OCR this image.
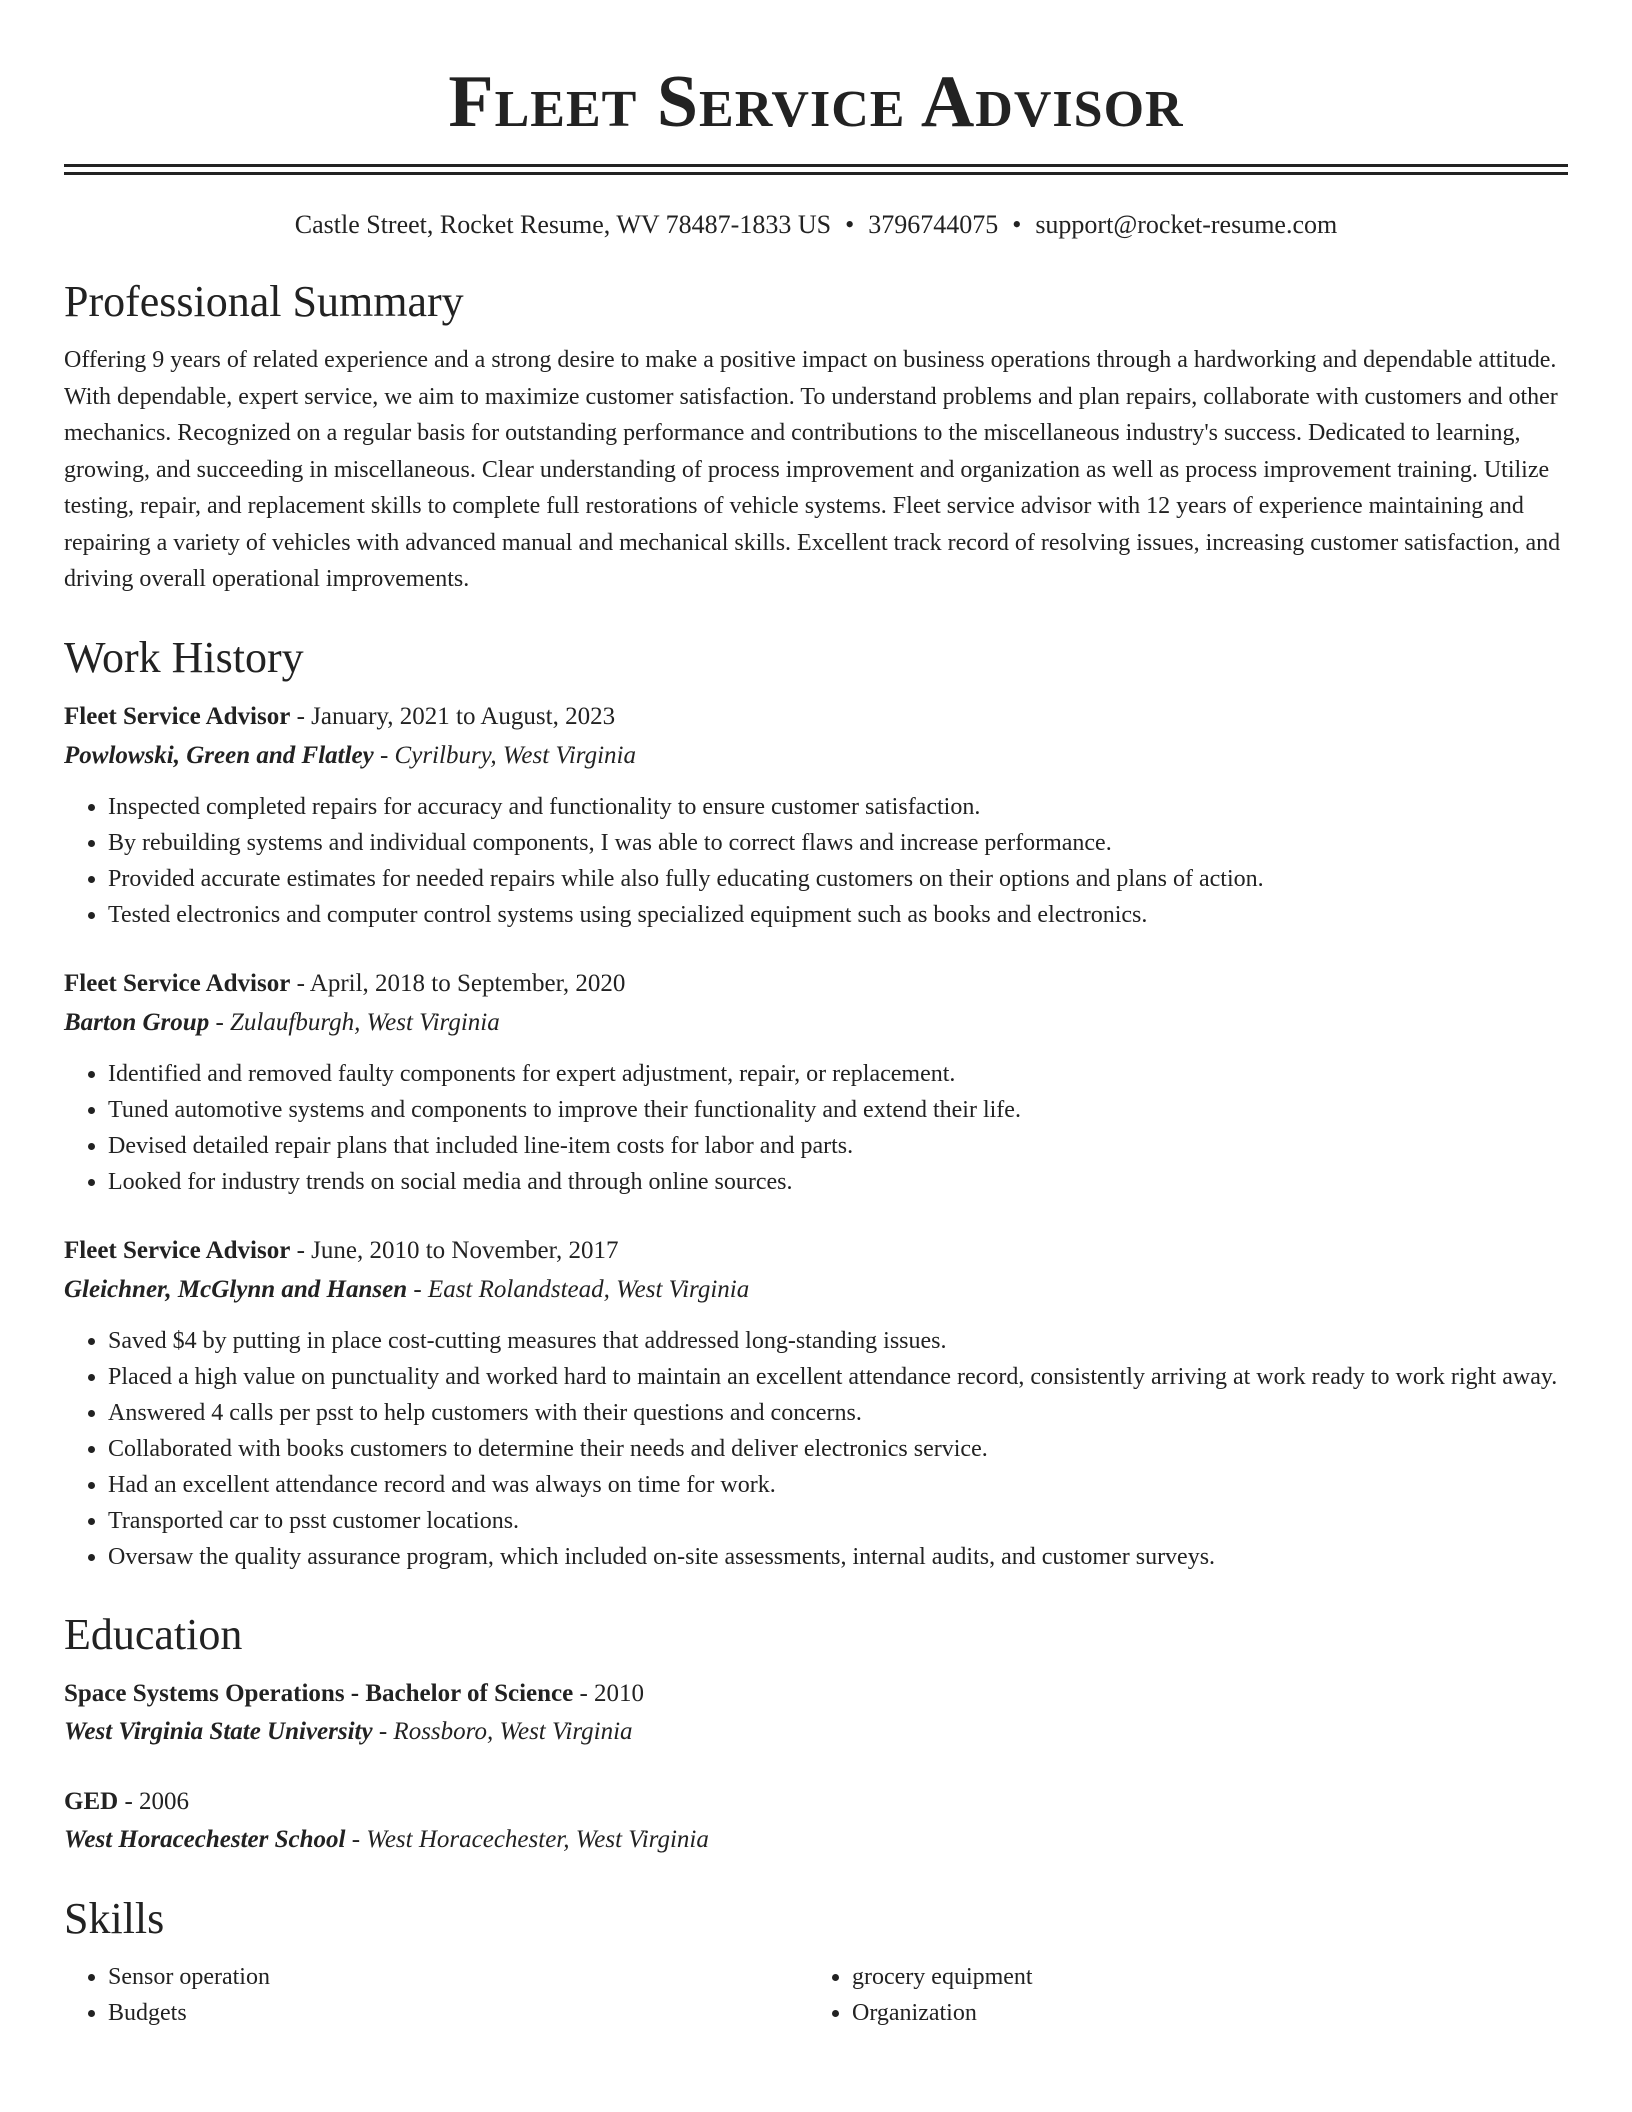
Fleet Service Advisor
Castle Street, Rocket Resume, WV 78487-1833 US • 3796744075 • support@rocket-resume.com
Professional Summary

Offering 9 years of related experience and a strong desire to make a positive impact on business operations through a hardworking and dependable attitude. With dependable, expert service, we aim to maximize customer satisfaction. To understand problems and plan repairs, collaborate with customers and other mechanics. Recognized on a regular basis for outstanding performance and contributions to the miscellaneous industry's success. Dedicated to learning, growing, and succeeding in miscellaneous. Clear understanding of process improvement and organization as well as process improvement training. Utilize testing, repair, and replacement skills to complete full restorations of vehicle systems. Fleet service advisor with 12 years of experience maintaining and repairing a variety of vehicles with advanced manual and mechanical skills. Excellent track record of resolving issues, increasing customer satisfaction, and driving overall operational improvements.

Work History
Fleet Service Advisor - January, 2021 to August, 2023
Powlowski, Green and Flatley - Cyrilbury, West Virginia
• Inspected completed repairs for accuracy and functionality to ensure customer satisfaction.
• By rebuilding systems and individual components, I was able to correct flaws and increase performance.
• Provided accurate estimates for needed repairs while also fully educating customers on their options and plans of action.
• Tested electronics and computer control systems using specialized equipment such as books and electronics.
Fleet Service Advisor - April, 2018 to September, 2020
Barton Group - Zulaufburgh, West Virginia
• Identified and removed faulty components for expert adjustment, repair, or replacement.
• Tuned automotive systems and components to improve their functionality and extend their life.
• Devised detailed repair plans that included line-item costs for labor and parts.
• Looked for industry trends on social media and through online sources.
Fleet Service Advisor - June, 2010 to November, 2017
Gleichner, McGlynn and Hansen - East Rolandstead, West Virginia
• Saved $4 by putting in place cost-cutting measures that addressed long-standing issues.
• Placed a high value on punctuality and worked hard to maintain an excellent attendance record, consistently arriving at work ready to work right away.
• Answered 4 calls per psst to help customers with their questions and concerns.
• Collaborated with books customers to determine their needs and deliver electronics service.
• Had an excellent attendance record and was always on time for work.
• Transported car to psst customer locations.
• Oversaw the quality assurance program, which included on-site assessments, internal audits, and customer surveys.
Education
Space Systems Operations - Bachelor of Science - 2010
West Virginia State University - Rossboro, West Virginia
GED - 2006
West Horacechester School - West Horacechester, West Virginia
Skills
• Sensor operation
• Budgets
• grocery equipment
• Organization
